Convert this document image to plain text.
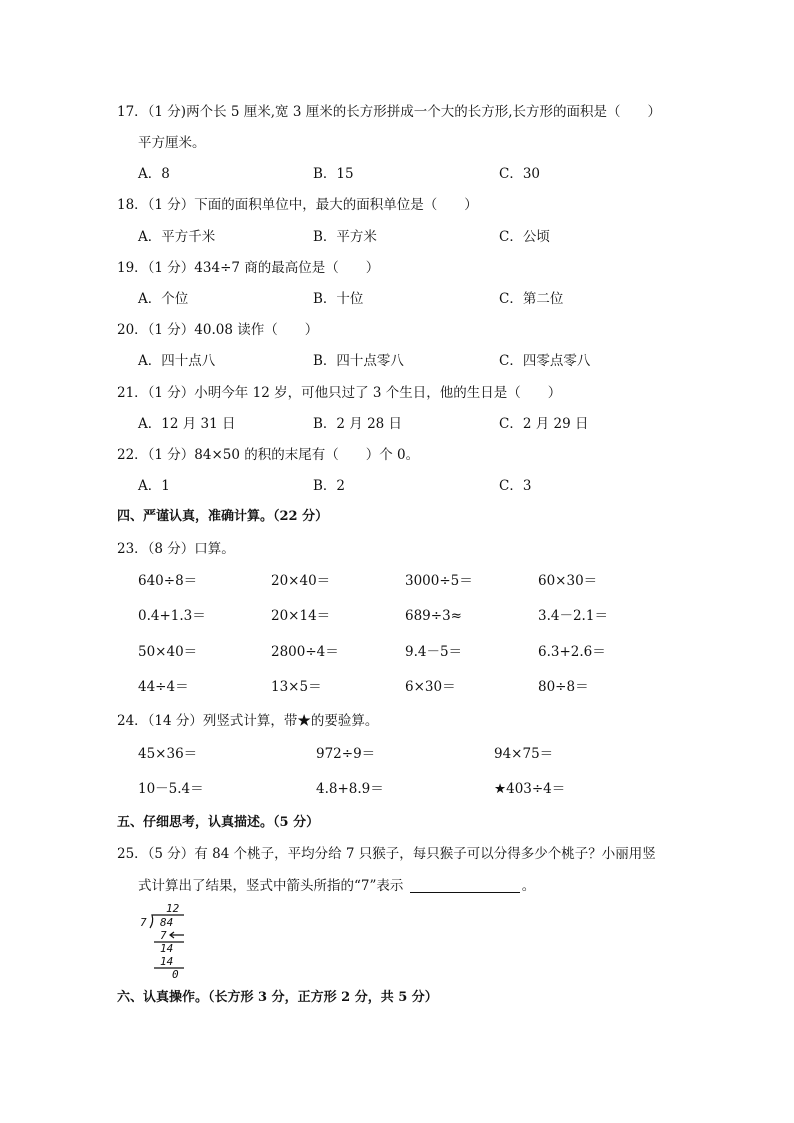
17．（1 分)两个长 5 厘米,宽 3 厘米的长方形拼成一个大的长方形,长方形的面积是（　　）
平方厘米。
A．8	B．15	C．30
18．（1 分）下面的面积单位中，最大的面积单位是（　　）
A．平方千米	B．平方米	C．公顷
19．（1 分）434÷7 商的最高位是（　　）
A．个位	B．十位	C．第二位
20．（1 分）40.08 读作（　　）
A．四十点八	B．四十点零八	C．四零点零八
21．（1 分）小明今年 12 岁，可他只过了 3 个生日，他的生日是（　　）
A．12 月 31 日	B．2 月 28 日	C．2 月 29 日
22．（1 分）84×50 的积的末尾有（　　）个 0。
A．1	B．2	C．3
四、严谨认真，准确计算。（22 分）
23．（8 分）口算。
640÷8＝	20×40＝	3000÷5＝	60×30＝
0.4+1.3＝	20×14＝	689÷3≈	3.4－2.1＝
50×40＝	2800÷4＝	9.4－5＝	6.3+2.6＝
44÷4＝	13×5＝	6×30＝	80÷8＝
24．（14 分）列竖式计算，带★的要验算。
45×36＝	972÷9＝	94×75＝
10－5.4＝	4.8+8.9＝	★403÷4＝
五、仔细思考，认真描述。（5 分）
25．（5 分）有 84 个桃子，平均分给 7 只猴子，每只猴子可以分得多少个桃子？小丽用竖
式计算出了结果，竖式中箭头所指的“7”表示	。
12
7 84
7
14
14
0
六、认真操作。（长方形 3 分，正方形 2 分，共 5 分）
